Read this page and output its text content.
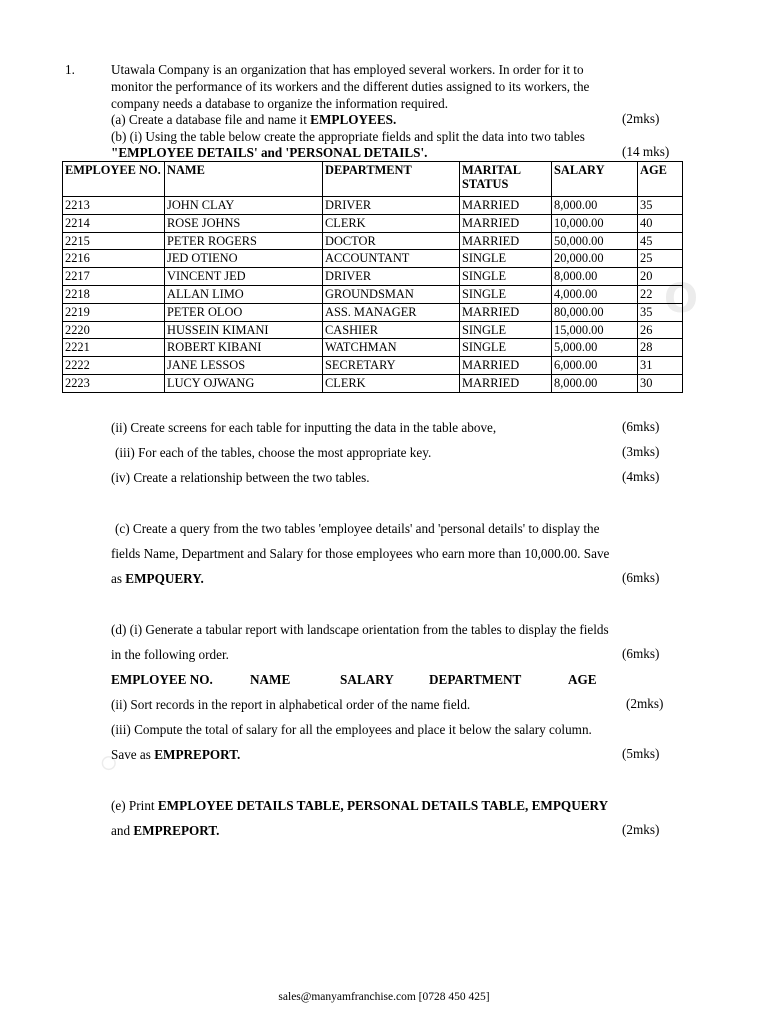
O
◦
1.	Utawala Company is an organization that has employed several workers. In order for it to
monitor the performance of its workers and the different duties assigned to its workers, the
company needs a database to organize the information required.
(a) Create a database file and name it EMPLOYEES.	(2mks)
(b) (i) Using the table below create the appropriate fields and split the data into two tables
"EMPLOYEE DETAILS' and 'PERSONAL DETAILS'.	(14 mks)
EMPLOYEE NO.	NAME	DEPARTMENT	MARITAL STATUS	SALARY	AGE
2213	JOHN CLAY	DRIVER	MARRIED	8,000.00	35
2214	ROSE JOHNS	CLERK	MARRIED	10,000.00	40
2215	PETER ROGERS	DOCTOR	MARRIED	50,000.00	45
2216	JED OTIENO	ACCOUNTANT	SINGLE	20,000.00	25
2217	VINCENT JED	DRIVER	SINGLE	8,000.00	20
2218	ALLAN LIMO	GROUNDSMAN	SINGLE	4,000.00	22
2219	PETER OLOO	ASS. MANAGER	MARRIED	80,000.00	35
2220	HUSSEIN KIMANI	CASHIER	SINGLE	15,000.00	26
2221	ROBERT KIBANI	WATCHMAN	SINGLE	5,000.00	28
2222	JANE LESSOS	SECRETARY	MARRIED	6,000.00	31
2223	LUCY OJWANG	CLERK	MARRIED	8,000.00	30
(ii) Create screens for each table for inputting the data in the table above,	(6mks)
(iii) For each of the tables, choose the most appropriate key.	(3mks)
(iv) Create a relationship between the two tables.	(4mks)
(c) Create a query from the two tables 'employee details' and 'personal details' to display the
fields Name, Department and Salary for those employees who earn more than 10,000.00. Save
as EMPQUERY.	(6mks)
(d) (i) Generate a tabular report with landscape orientation from the tables to display the fields
in the following order.	(6mks)
EMPLOYEE NO.	NAME	SALARY	DEPARTMENT	AGE
(ii) Sort records in the report in alphabetical order of the name field.	(2mks)
(iii) Compute the total of salary for all the employees and place it below the salary column.
Save as EMPREPORT.	(5mks)
(e) Print EMPLOYEE DETAILS TABLE, PERSONAL DETAILS TABLE, EMPQUERY
and EMPREPORT.	(2mks)
sales@manyamfranchise.com [0728 450 425]
